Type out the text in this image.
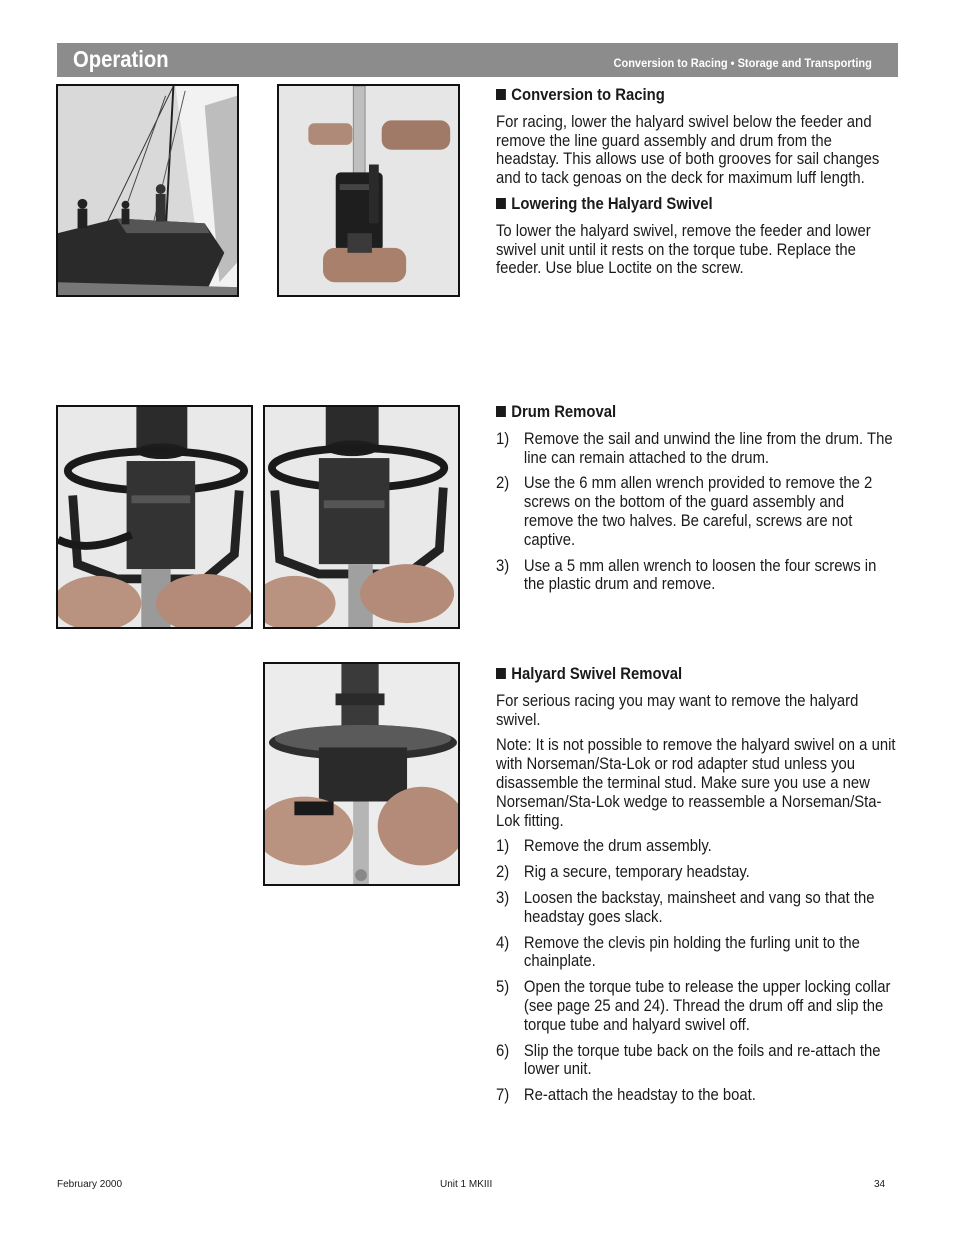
Operation	Conversion to Racing • Storage and Transporting
Conversion to Racing
For racing, lower the halyard swivel below the feeder and remove the line guard assembly and drum from the headstay. This allows use of both grooves for sail changes and to tack genoas on the deck for maximum luff length.
Lowering the Halyard Swivel
To lower the halyard swivel, remove the feeder and lower swivel unit until it rests on the torque tube. Replace the feeder. Use blue Loctite on the screw.
Drum Removal
1) Remove the sail and unwind the line from the drum. The line can remain attached to the drum.
2) Use the 6 mm allen wrench provided to remove the 2 screws on the bottom of the guard assembly and remove the two halves. Be careful, screws are not captive.
3) Use a 5 mm allen wrench to loosen the four screws in the plastic drum and remove.
Halyard Swivel Removal
For serious racing you may want to remove the halyard swivel.
Note: It is not possible to remove the halyard swivel on a unit with Norseman/Sta-Lok or rod adapter stud unless you disassemble the terminal stud. Make sure you use a new Norseman/Sta-Lok wedge to reassemble a Norseman/Sta-Lok fitting.
1) Remove the drum assembly.
2) Rig a secure, temporary headstay.
3) Loosen the backstay, mainsheet and vang so that the headstay goes slack.
4) Remove the clevis pin holding the furling unit to the chainplate.
5) Open the torque tube to release the upper locking collar (see page 25 and 24). Thread the drum off and slip the torque tube and halyard swivel off.
6) Slip the torque tube back on the foils and re-attach the lower unit.
7) Re-attach the headstay to the boat.
February 2000	Unit 1 MKIII	34
